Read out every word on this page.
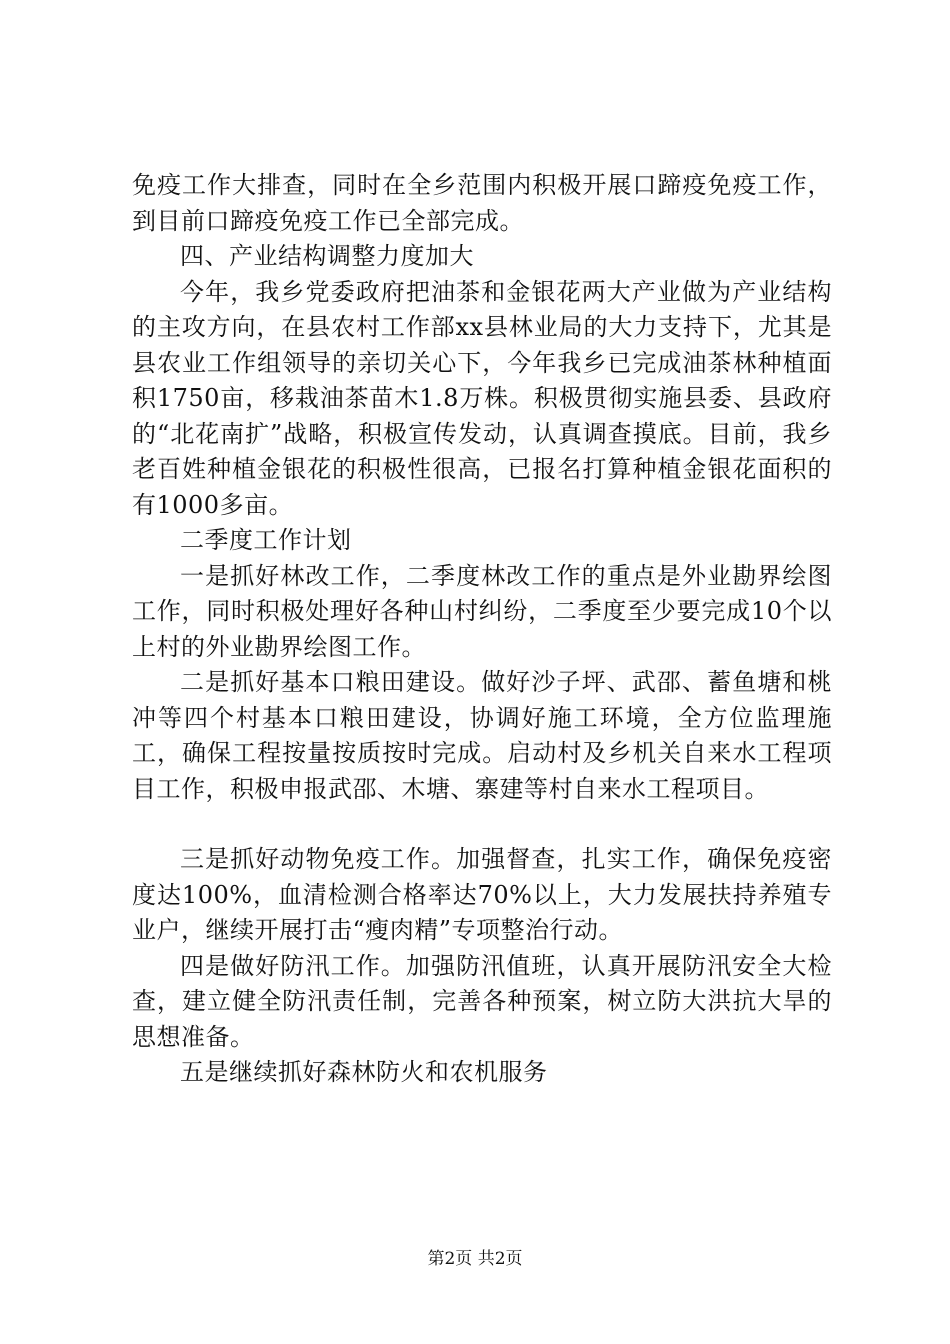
免疫工作大排查，同时在全乡范围内积极开展口蹄疫免疫工作，到目前口蹄疫免疫工作已全部完成。

四、产业结构调整力度加大

今年，我乡党委政府把油茶和金银花两大产业做为产业结构的主攻方向，在县农村工作部xx县林业局的大力支持下，尤其是县农业工作组领导的亲切关心下，今年我乡已完成油茶林种植面积1750亩，移栽油茶苗木1.8万株。积极贯彻实施县委、县政府的“北花南扩”战略，积极宣传发动，认真调查摸底。目前，我乡老百姓种植金银花的积极性很高，已报名打算种植金银花面积的有1000多亩。

二季度工作计划

一是抓好林改工作，二季度林改工作的重点是外业勘界绘图工作，同时积极处理好各种山村纠纷，二季度至少要完成10个以上村的外业勘界绘图工作。

二是抓好基本口粮田建设。做好沙子坪、武邵、蓄鱼塘和桃冲等四个村基本口粮田建设，协调好施工环境，全方位监理施工，确保工程按量按质按时完成。启动村及乡机关自来水工程项目工作，积极申报武邵、木塘、寨建等村自来水工程项目。

三是抓好动物免疫工作。加强督查，扎实工作，确保免疫密度达100%，血清检测合格率达70%以上，大力发展扶持养殖专业户，继续开展打击“瘦肉精”专项整治行动。

四是做好防汛工作。加强防汛值班，认真开展防汛安全大检查，建立健全防汛责任制，完善各种预案，树立防大洪抗大旱的思想准备。

五是继续抓好森林防火和农机服务

第2页 共2页
